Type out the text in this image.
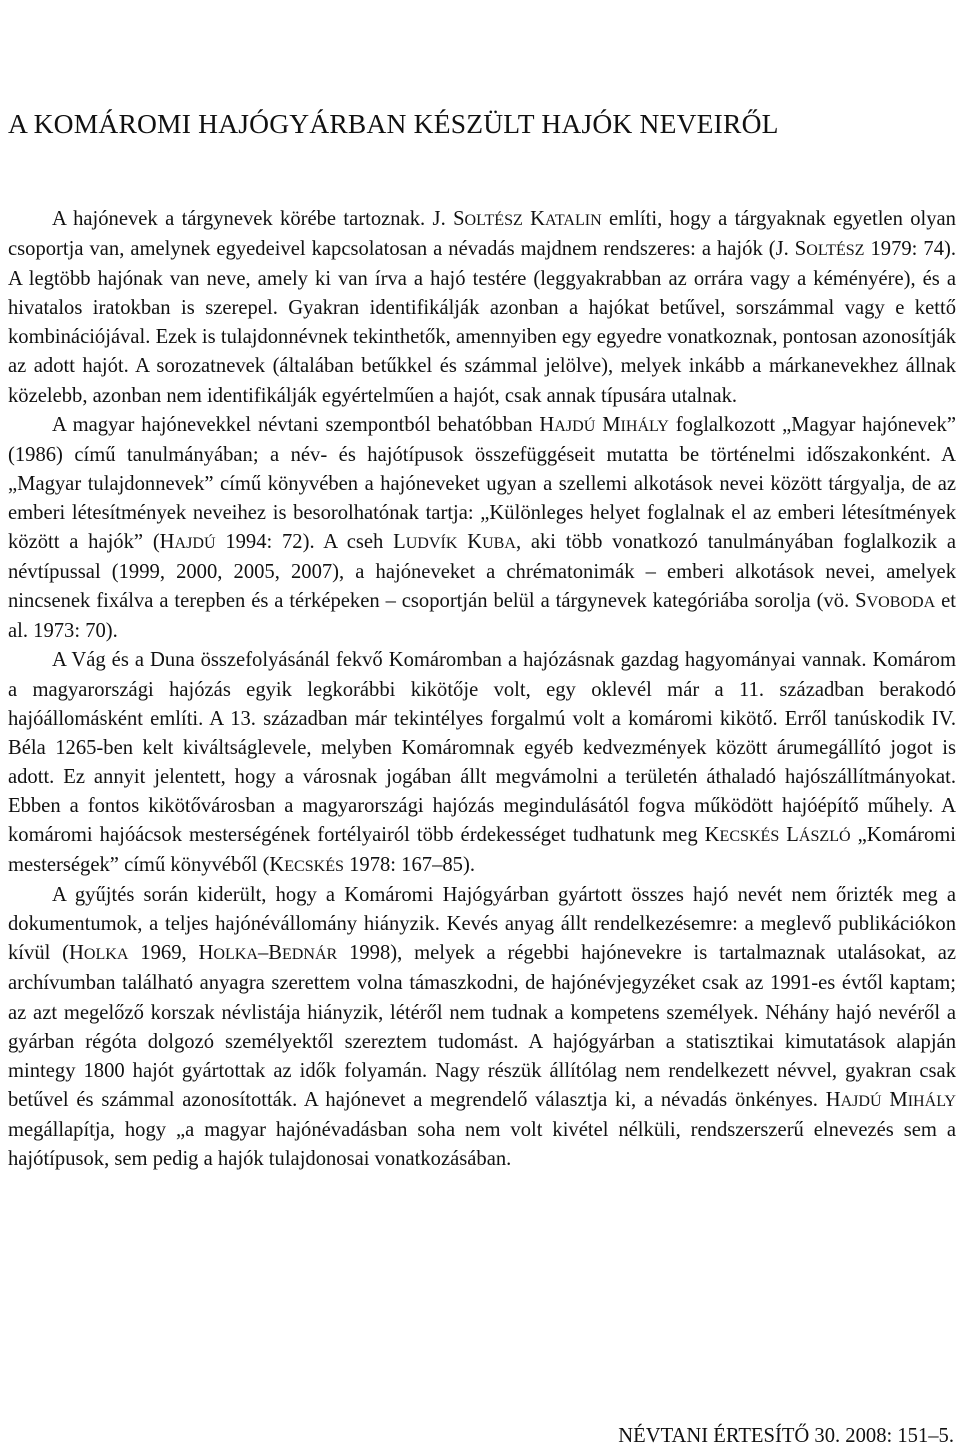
A KOMÁROMI HAJÓGYÁRBAN KÉSZÜLT HAJÓK NEVEIRŐL

A hajónevek a tárgynevek körébe tartoznak. J. SOLTÉSZ KATALIN említi, hogy a tárgyaknak egyetlen olyan csoportja van, amelynek egyedeivel kapcsolatosan a névadás majdnem rendszeres: a hajók (J. SOLTÉSZ 1979: 74). A legtöbb hajónak van neve, amely ki van írva a hajó testére (leggyakrabban az orrára vagy a kéményére), és a hivatalos iratokban is szerepel. Gyakran identifikálják azonban a hajókat betűvel, sorszámmal vagy e kettő kombinációjával. Ezek is tulajdonnévnek tekinthetők, amennyiben egy egyedre vonatkoznak, pontosan azonosítják az adott hajót. A sorozatnevek (általában betűkkel és számmal jelölve), melyek inkább a márkanevekhez állnak közelebb, azonban nem identifikálják egyértelműen a hajót, csak annak típusára utalnak.

A magyar hajónevekkel névtani szempontból behatóbban HAJDÚ MIHÁLY foglalkozott „Magyar hajónevek” (1986) című tanulmányában; a név- és hajótípusok összefüggéseit mutatta be történelmi időszakonként. A „Magyar tulajdonnevek” című könyvében a hajóneveket ugyan a szellemi alkotások nevei között tárgyalja, de az emberi létesítmények neveihez is besorolhatónak tartja: „Különleges helyet foglalnak el az emberi létesítmények között a hajók” (HAJDÚ 1994: 72). A cseh LUDVÍK KUBA, aki több vonatkozó tanulmányában foglalkozik a névtípussal (1999, 2000, 2005, 2007), a hajóneveket a chrématonimák – emberi alkotások nevei, amelyek nincsenek fixálva a terepben és a térképeken – csoportján belül a tárgynevek kategóriába sorolja (vö. SVOBODA et al. 1973: 70).

A Vág és a Duna összefolyásánál fekvő Komáromban a hajózásnak gazdag hagyományai vannak. Komárom a magyarországi hajózás egyik legkorábbi kikötője volt, egy oklevél már a 11. században berakodó hajóállomásként említi. A 13. században már tekintélyes forgalmú volt a komáromi kikötő. Erről tanúskodik IV. Béla 1265-ben kelt kiváltságlevele, melyben Komáromnak egyéb kedvezmények között árumegállító jogot is adott. Ez annyit jelentett, hogy a városnak jogában állt megvámolni a területén áthaladó hajószállítmányokat. Ebben a fontos kikötővárosban a magyarországi hajózás megindulásától fogva működött hajóépítő műhely. A komáromi hajóácsok mesterségének fortélyairól több érdekességet tudhatunk meg KECSKÉS LÁSZLÓ „Komáromi mesterségek” című könyvéből (KECSKÉS 1978: 167–85).

A gyűjtés során kiderült, hogy a Komáromi Hajógyárban gyártott összes hajó nevét nem őrizték meg a dokumentumok, a teljes hajónévállomány hiányzik. Kevés anyag állt rendelkezésemre: a meglevő publikációkon kívül (HOLKA 1969, HOLKA–BEDNÁR 1998), melyek a régebbi hajónevekre is tartalmaznak utalásokat, az archívumban található anyagra szerettem volna támaszkodni, de hajónévjegyzéket csak az 1991-es évtől kaptam; az azt megelőző korszak névlistája hiányzik, létéről nem tudnak a kompetens személyek. Néhány hajó nevéről a gyárban régóta dolgozó személyektől szereztem tudomást. A hajógyárban a statisztikai kimutatások alapján mintegy 1800 hajót gyártottak az idők folyamán. Nagy részük állítólag nem rendelkezett névvel, gyakran csak betűvel és számmal azonosították. A hajónevet a megrendelő választja ki, a névadás önkényes. HAJDÚ MIHÁLY megállapítja, hogy „a magyar hajónévadásban soha nem volt kivétel nélküli, rendszerszerű elnevezés sem a hajótípusok, sem pedig a hajók tulajdonosai vonatkozásában.

NÉVTANI ÉRTESÍTŐ 30. 2008: 151–5.
